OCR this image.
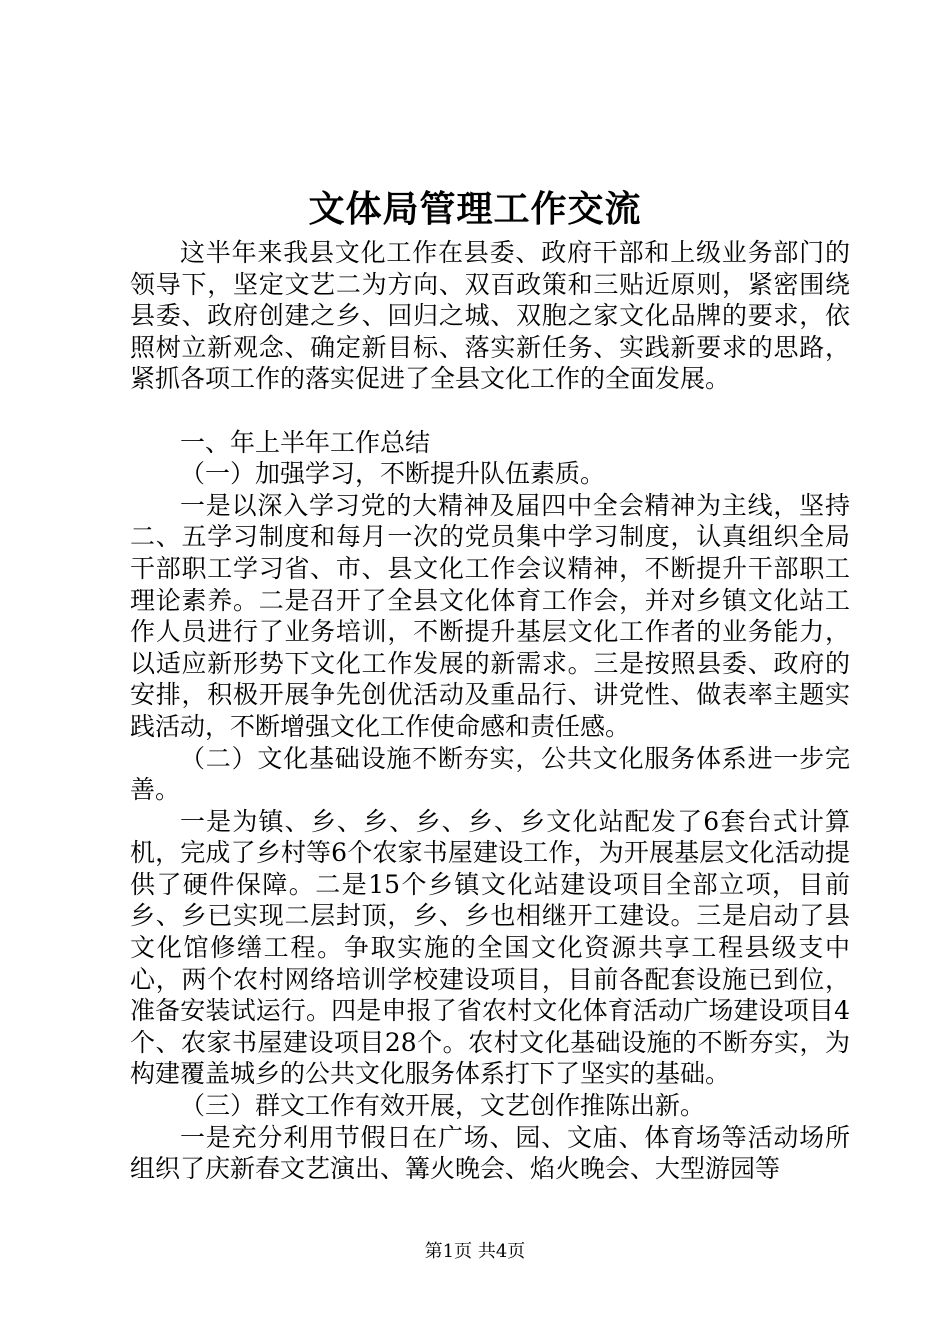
文体局管理工作交流

这半年来我县文化工作在县委、政府干部和上级业务部门的领导下，坚定文艺二为方向、双百政策和三贴近原则，紧密围绕县委、政府创建之乡、回归之城、双胞之家文化品牌的要求，依照树立新观念、确定新目标、落实新任务、实践新要求的思路，紧抓各项工作的落实促进了全县文化工作的全面发展。

一、年上半年工作总结

（一）加强学习，不断提升队伍素质。

一是以深入学习党的大精神及届四中全会精神为主线，坚持二、五学习制度和每月一次的党员集中学习制度，认真组织全局干部职工学习省、市、县文化工作会议精神，不断提升干部职工理论素养。二是召开了全县文化体育工作会，并对乡镇文化站工作人员进行了业务培训，不断提升基层文化工作者的业务能力，以适应新形势下文化工作发展的新需求。三是按照县委、政府的安排，积极开展争先创优活动及重品行、讲党性、做表率主题实践活动，不断增强文化工作使命感和责任感。

（二）文化基础设施不断夯实，公共文化服务体系进一步完善。

一是为镇、乡、乡、乡、乡、乡文化站配发了6套台式计算机，完成了乡村等6个农家书屋建设工作，为开展基层文化活动提供了硬件保障。二是15个乡镇文化站建设项目全部立项，目前乡、乡已实现二层封顶，乡、乡也相继开工建设。三是启动了县文化馆修缮工程。争取实施的全国文化资源共享工程县级支中心，两个农村网络培训学校建设项目，目前各配套设施已到位，准备安装试运行。四是申报了省农村文化体育活动广场建设项目4个、农家书屋建设项目28个。农村文化基础设施的不断夯实，为构建覆盖城乡的公共文化服务体系打下了坚实的基础。

（三）群文工作有效开展，文艺创作推陈出新。

一是充分利用节假日在广场、园、文庙、体育场等活动场所组织了庆新春文艺演出、篝火晚会、焰火晚会、大型游园等

第1页 共4页
